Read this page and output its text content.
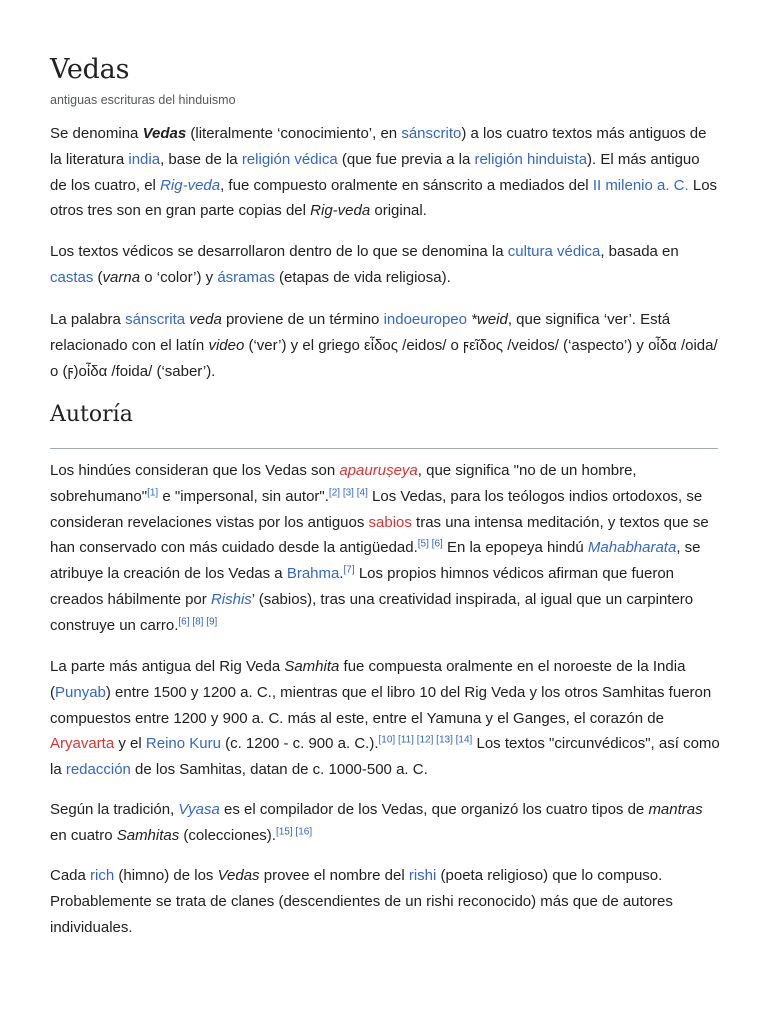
Vedas
antiguas escrituras del hinduismo

Se denomina Vedas (literalmente ‘conocimiento’, en sánscrito) a los cuatro textos más antiguos de la literatura india, base de la religión védica (que fue previa a la religión hinduista). El más antiguo de los cuatro, el Rig-veda, fue compuesto oralmente en sánscrito a mediados del II milenio a. C. Los otros tres son en gran parte copias del Rig-veda original.

Los textos védicos se desarrollaron dentro de lo que se denomina la cultura védica, basada en castas (varna o ‘color’) y ásramas (etapas de vida religiosa).

La palabra sánscrita veda proviene de un término indoeuropeo *weid, que significa ‘ver’. Está relacionado con el latín video (‘ver’) y el griego εἶδος /eidos/ o ϝεῖδος /veidos/ (‘aspecto’) y οἶδα /oida/ o (ϝ)οἶδα /foida/ (‘saber’).

Autoría

Los hindúes consideran que los Vedas son apauruṣeya, que significa "no de un hombre, sobrehumano"[1] e "impersonal, sin autor".[2] [3] [4] Los Vedas, para los teólogos indios ortodoxos, se consideran revelaciones vistas por los antiguos sabios tras una intensa meditación, y textos que se han conservado con más cuidado desde la antigüedad.[5] [6] En la epopeya hindú Mahabharata, se atribuye la creación de los Vedas a Brahma.[7] Los propios himnos védicos afirman que fueron creados hábilmente por Rishis’ (sabios), tras una creatividad inspirada, al igual que un carpintero construye un carro.[6] [8] [9]

La parte más antigua del Rig Veda Samhita fue compuesta oralmente en el noroeste de la India (Punyab) entre 1500 y 1200 a. C., mientras que el libro 10 del Rig Veda y los otros Samhitas fueron compuestos entre 1200 y 900 a. C. más al este, entre el Yamuna y el Ganges, el corazón de Aryavarta y el Reino Kuru (c. 1200 - c. 900 a. C.).[10] [11] [12] [13] [14] Los textos "circunvédicos", así como la redacción de los Samhitas, datan de c. 1000-500 a. C.

Según la tradición, Vyasa es el compilador de los Vedas, que organizó los cuatro tipos de mantras en cuatro Samhitas (colecciones).[15] [16]

Cada rich (himno) de los Vedas provee el nombre del rishi (poeta religioso) que lo compuso. Probablemente se trata de clanes (descendientes de un rishi reconocido) más que de autores individuales.
